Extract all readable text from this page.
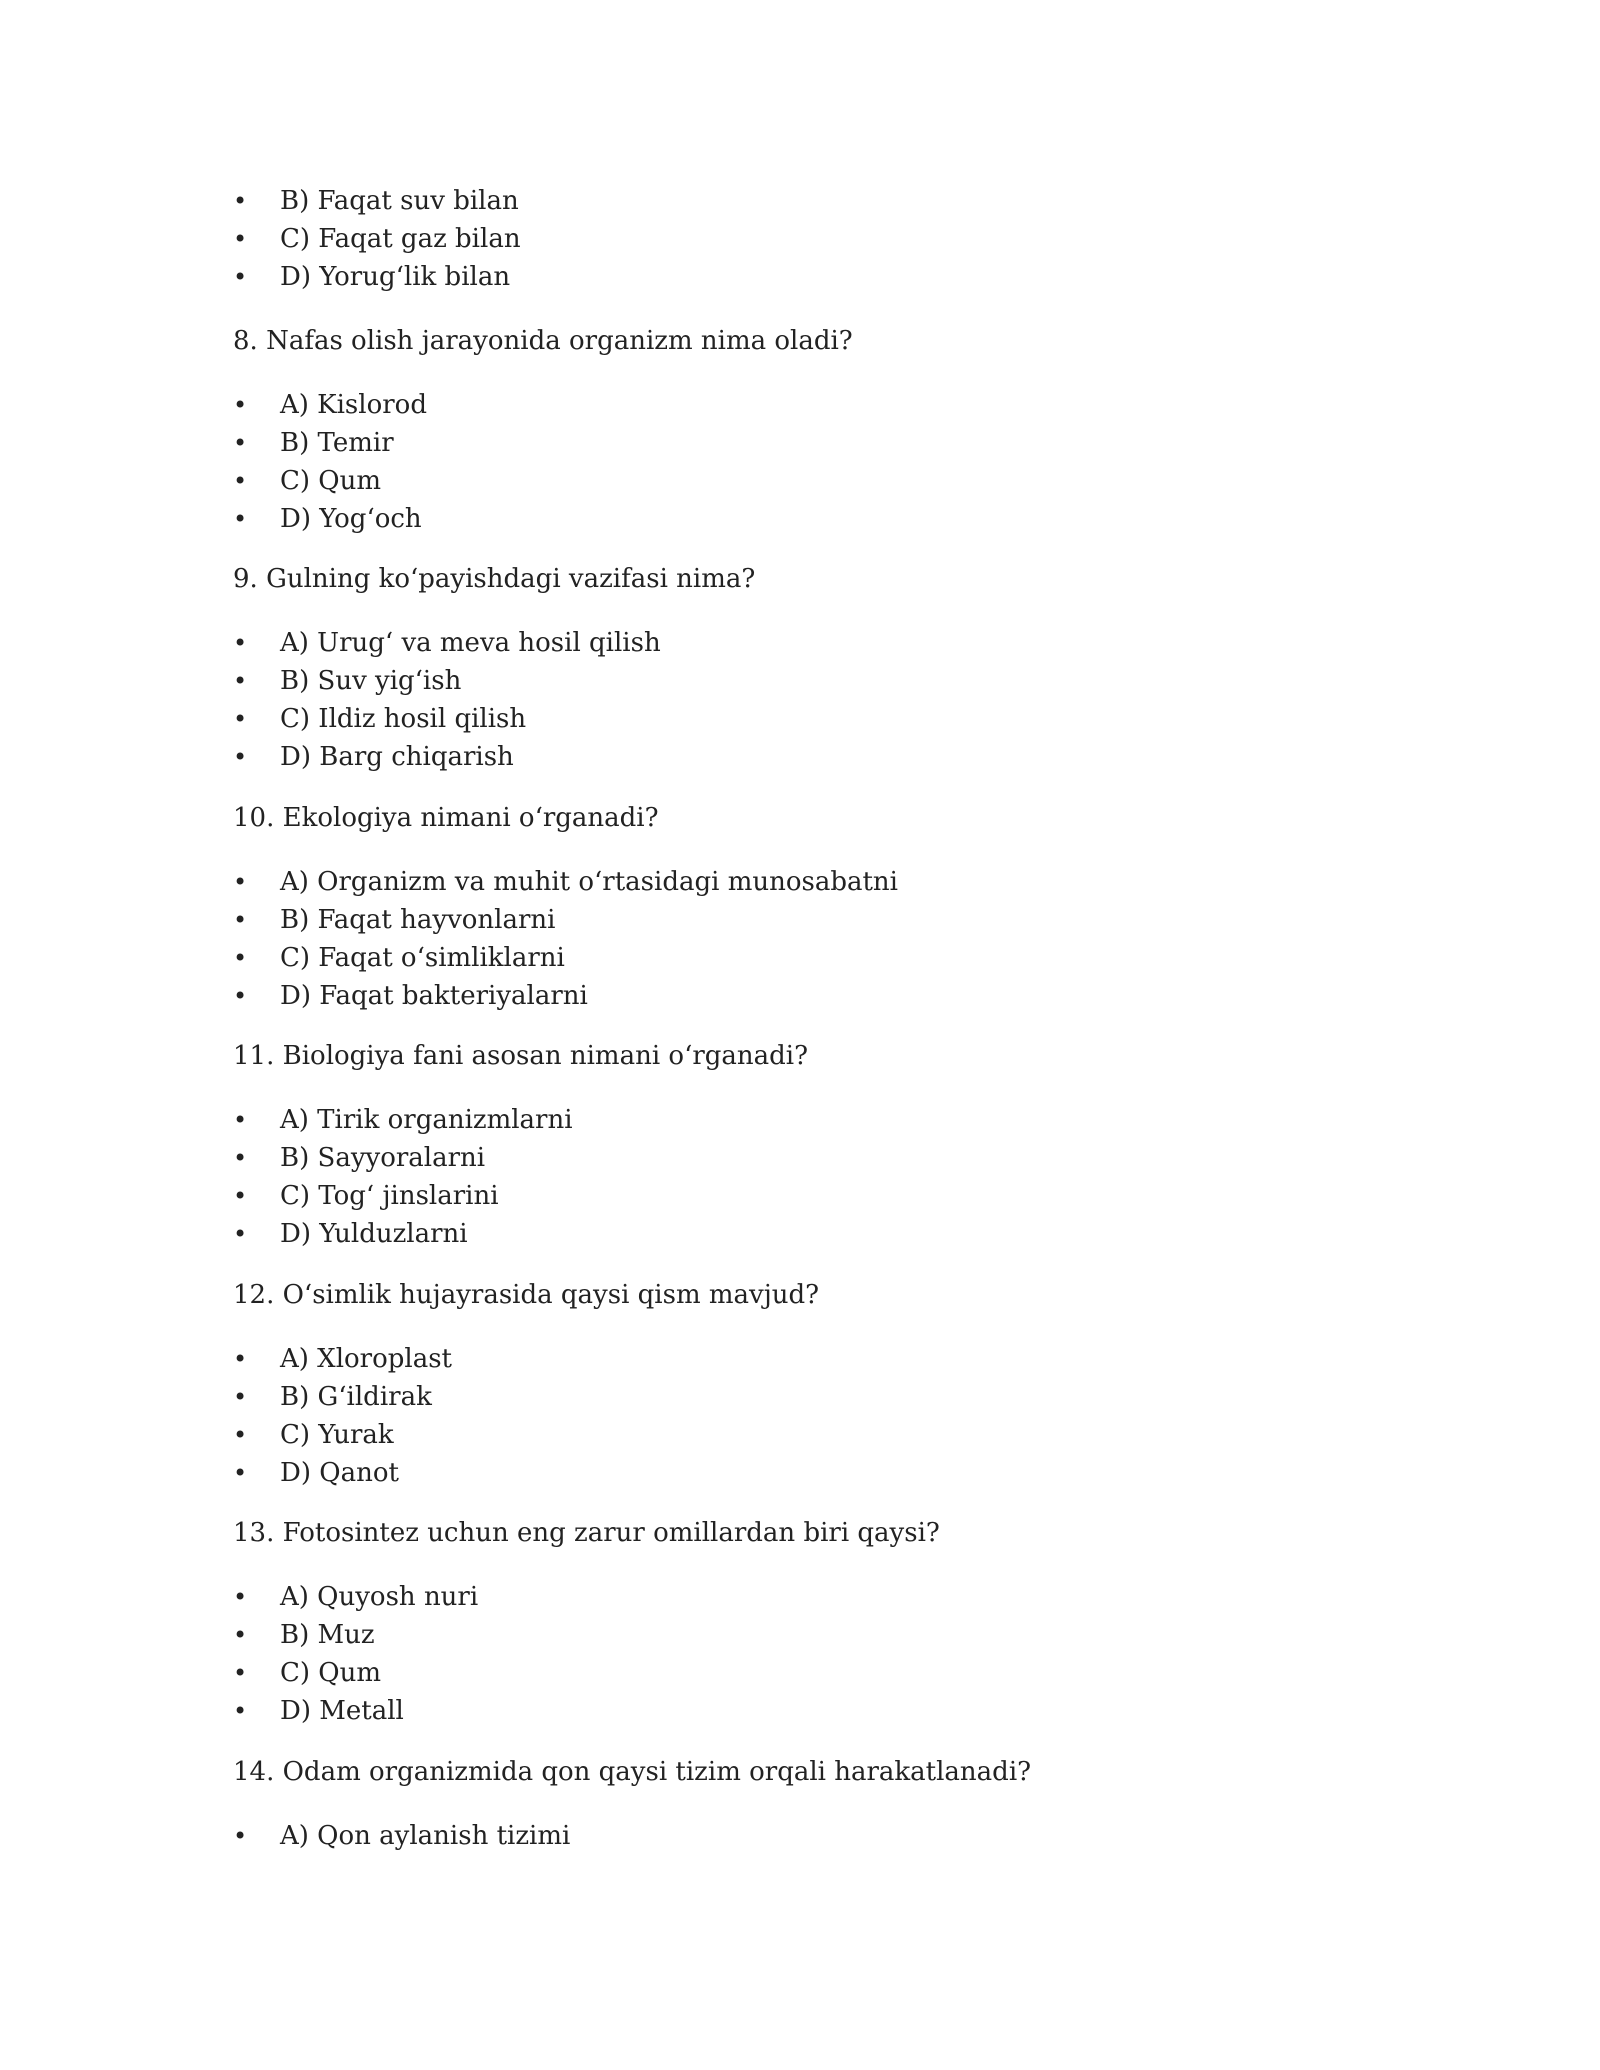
• B) Faqat suv bilan
• C) Faqat gaz bilan
• D) Yorug‘lik bilan

8. Nafas olish jarayonida organizm nima oladi?

• A) Kislorod
• B) Temir
• C) Qum
• D) Yog‘och

9. Gulning ko‘payishdagi vazifasi nima?

• A) Urug‘ va meva hosil qilish
• B) Suv yig‘ish
• C) Ildiz hosil qilish
• D) Barg chiqarish

10. Ekologiya nimani o‘rganadi?

• A) Organizm va muhit o‘rtasidagi munosabatni
• B) Faqat hayvonlarni
• C) Faqat o‘simliklarni
• D) Faqat bakteriyalarni

11. Biologiya fani asosan nimani o‘rganadi?

• A) Tirik organizmlarni
• B) Sayyoralarni
• C) Tog‘ jinslarini
• D) Yulduzlarni

12. O‘simlik hujayrasida qaysi qism mavjud?

• A) Xloroplast
• B) G‘ildirak
• C) Yurak
• D) Qanot

13. Fotosintez uchun eng zarur omillardan biri qaysi?

• A) Quyosh nuri
• B) Muz
• C) Qum
• D) Metall

14. Odam organizmida qon qaysi tizim orqali harakatlanadi?

• A) Qon aylanish tizimi
